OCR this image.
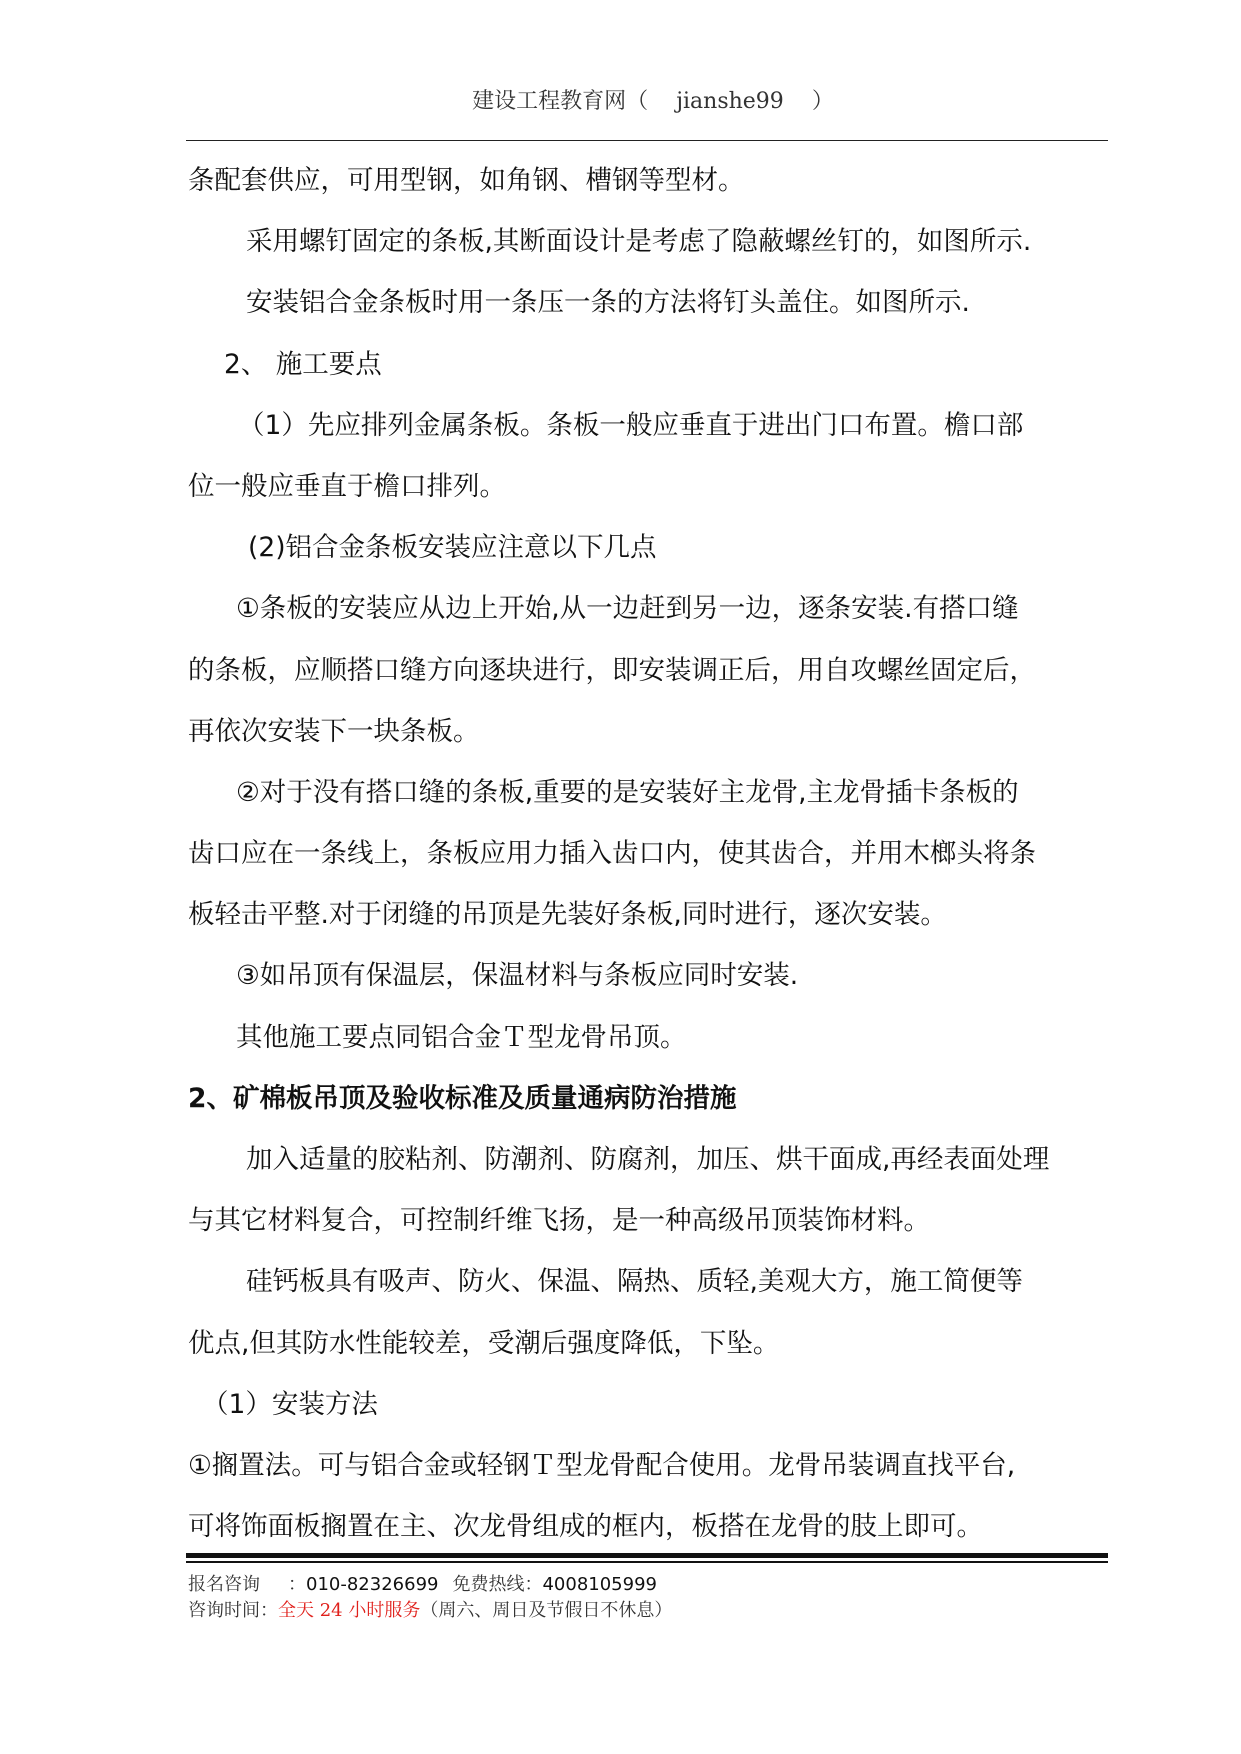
建设工程教育网（ jianshe99 ）
条配套供应，可用型钢，如角钢、槽钢等型材。
采用螺钉固定的条板,其断面设计是考虑了隐蔽螺丝钉的，如图所示.
安装铝合金条板时用一条压一条的方法将钉头盖住。如图所示.
2、 施工要点
（1）先应排列金属条板。条板一般应垂直于进出门口布置。檐口部
位一般应垂直于檐口排列。
(2)铝合金条板安装应注意以下几点
①条板的安装应从边上开始,从一边赶到另一边，逐条安装.有搭口缝
的条板，应顺搭口缝方向逐块进行，即安装调正后，用自攻螺丝固定后，
再依次安装下一块条板。
②对于没有搭口缝的条板,重要的是安装好主龙骨,主龙骨插卡条板的
齿口应在一条线上，条板应用力插入齿口内，使其齿合，并用木榔头将条
板轻击平整.对于闭缝的吊顶是先装好条板,同时进行，逐次安装。
③如吊顶有保温层，保温材料与条板应同时安装.
其他施工要点同铝合金Ｔ型龙骨吊顶。
2、矿棉板吊顶及验收标准及质量通病防治措施
加入适量的胶粘剂、防潮剂、防腐剂，加压、烘干面成,再经表面处理
与其它材料复合，可控制纤维飞扬，是一种高级吊顶装饰材料。
硅钙板具有吸声、防火、保温、隔热、质轻,美观大方，施工简便等
优点,但其防水性能较差，受潮后强度降低，下坠。
（1）安装方法
①搁置法。可与铝合金或轻钢Ｔ型龙骨配合使用。龙骨吊装调直找平台,
可将饰面板搁置在主、次龙骨组成的框内，板搭在龙骨的肢上即可。
报名咨询 ：010-82326699 免费热线：4008105999
咨询时间：全天 24 小时服务（周六、周日及节假日不休息）
